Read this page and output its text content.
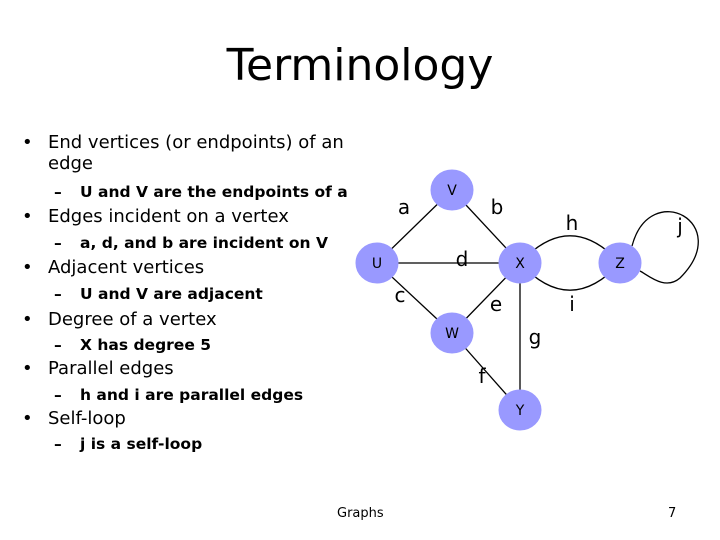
Terminology
• End vertices (or endpoints) of an edge
– U and V are the endpoints of a
• Edges incident on a vertex
– a, d, and b are incident on V
• Adjacent vertices
– U and V are adjacent
• Degree of a vertex
– X has degree 5
• Parallel edges
– h and i are parallel edges
• Self-loop
– j is a self-loop
a	b
c
d
e
f
g
h
i
j
V
U	X	Z
W
Y
Graphs	7
